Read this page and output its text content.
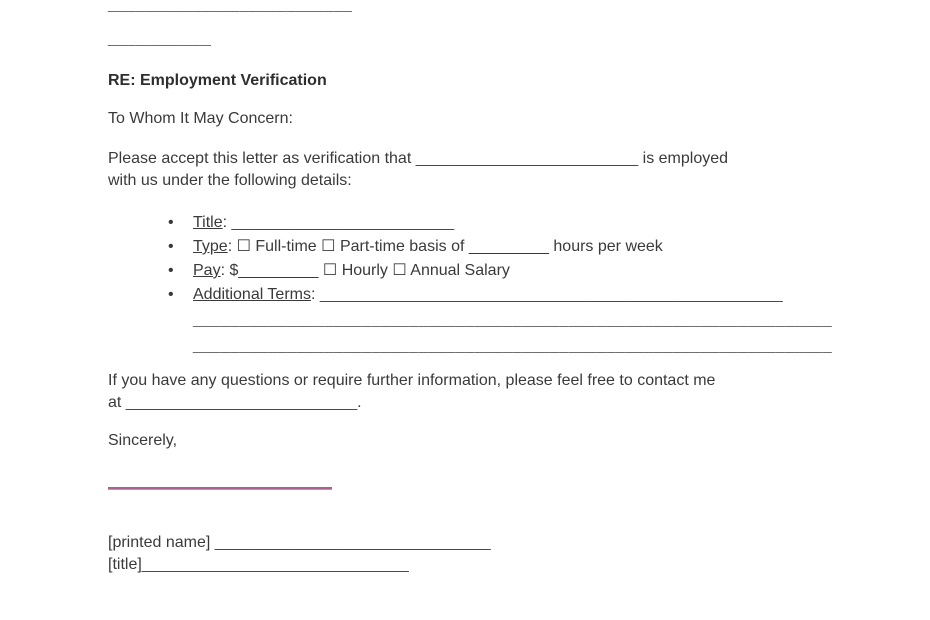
__________________________

___________

RE: Employment Verification

To Whom It May Concern:

Please accept this letter as verification that _________________________ is employed
with us under the following details:

• Title: _________________________
• Type: ☐ Full-time ☐ Part-time basis of _________ hours per week
• Pay: $_________ ☐ Hourly ☐ Annual Salary
• Additional Terms: ____________________________________________________

____________________________________________________________________

____________________________________________________________________

If you have any questions or require further information, please feel free to contact me
at __________________________.

Sincerely,

[printed name] _______________________________

[title]______________________________
